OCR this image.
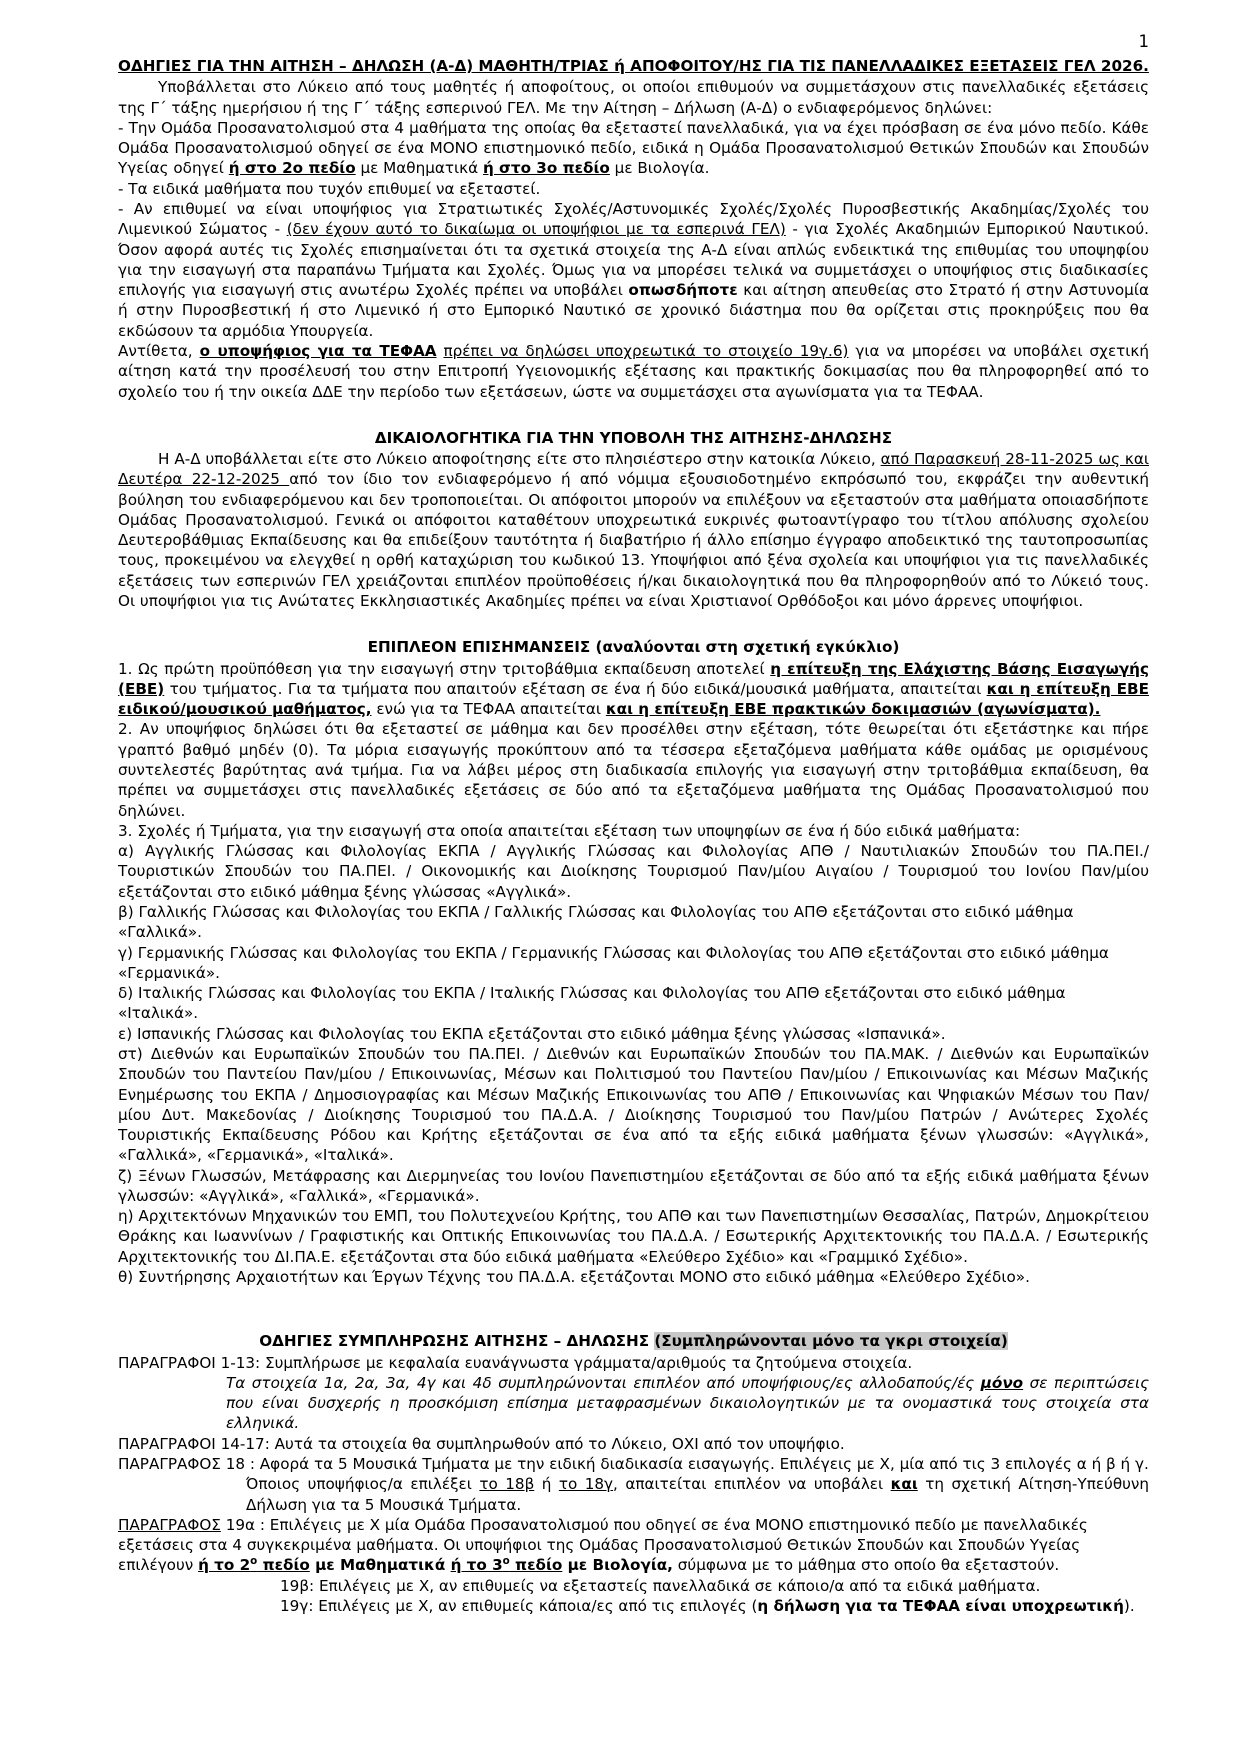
1
ΟΔΗΓΙΕΣ ΓΙΑ ΤΗΝ ΑΙΤΗΣΗ – ΔΗΛΩΣΗ (Α-Δ) ΜΑΘΗΤΗ/ΤΡΙΑΣ ή ΑΠΟΦΟΙΤΟΥ/ΗΣ ΓΙΑ ΤΙΣ ΠΑΝΕΛΛΑΔΙΚΕΣ ΕΞΕΤΑΣΕΙΣ ΓΕΛ 2026.

Υποβάλλεται στο Λύκειο από τους μαθητές ή αποφοίτους, οι οποίοι επιθυμούν να συμμετάσχουν στις πανελλαδικές εξετάσεις της Γ΄ τάξης ημερήσιου ή της Γ΄ τάξης εσπερινού ΓΕΛ. Με την Αίτηση – Δήλωση (Α-Δ) ο ενδιαφερόμενος δηλώνει:

- Την Ομάδα Προσανατολισμού στα 4 μαθήματα της οποίας θα εξεταστεί πανελλαδικά, για να έχει πρόσβαση σε ένα μόνο πεδίο. Κάθε Ομάδα Προσανατολισμού οδηγεί σε ένα ΜΟΝΟ επιστημονικό πεδίο, ειδικά η Ομάδα Προσανατολισμού Θετικών Σπουδών και Σπουδών Υγείας οδηγεί ή στο 2ο πεδίο με Μαθηματικά ή στο 3ο πεδίο με Βιολογία.

- Τα ειδικά μαθήματα που τυχόν επιθυμεί να εξεταστεί.

- Αν επιθυμεί να είναι υποψήφιος για Στρατιωτικές Σχολές/Αστυνομικές Σχολές/Σχολές Πυροσβεστικής Ακαδημίας/Σχολές του Λιμενικού Σώματος - (δεν έχουν αυτό το δικαίωμα οι υποψήφιοι με τα εσπερινά ΓΕΛ) - για Σχολές Ακαδημιών Εμπορικού Ναυτικού. Όσον αφορά αυτές τις Σχολές επισημαίνεται ότι τα σχετικά στοιχεία της Α-Δ είναι απλώς ενδεικτικά της επιθυμίας του υποψηφίου για την εισαγωγή στα παραπάνω Τμήματα και Σχολές. Όμως για να μπορέσει τελικά να συμμετάσχει ο υποψήφιος στις διαδικασίες επιλογής για εισαγωγή στις ανωτέρω Σχολές πρέπει να υποβάλει οπωσδήποτε και αίτηση απευθείας στο Στρατό ή στην Αστυνομία ή στην Πυροσβεστική ή στο Λιμενικό ή στο Εμπορικό Ναυτικό σε χρονικό διάστημα που θα ορίζεται στις προκηρύξεις που θα εκδώσουν τα αρμόδια Υπουργεία.

Αντίθετα, ο υποψήφιος για τα ΤΕΦΑΑ πρέπει να δηλώσει υποχρεωτικά το στοιχείο 19γ.6) για να μπορέσει να υποβάλει σχετική αίτηση κατά την προσέλευσή του στην Επιτροπή Υγειονομικής εξέτασης και πρακτικής δοκιμασίας που θα πληροφορηθεί από το σχολείο του ή την οικεία ΔΔΕ την περίοδο των εξετάσεων, ώστε να συμμετάσχει στα αγωνίσματα για τα ΤΕΦΑΑ.

ΔΙΚΑΙΟΛΟΓΗΤΙΚΑ ΓΙΑ ΤΗΝ ΥΠΟΒΟΛΗ ΤΗΣ ΑΙΤΗΣΗΣ-ΔΗΛΩΣΗΣ

Η Α-Δ υποβάλλεται είτε στο Λύκειο αποφοίτησης είτε στο πλησιέστερο στην κατοικία Λύκειο, από Παρασκευή 28-11-2025 ως και Δευτέρα 22-12-2025 από τον ίδιο τον ενδιαφερόμενο ή από νόμιμα εξουσιοδοτημένο εκπρόσωπό του, εκφράζει την αυθεντική βούληση του ενδιαφερόμενου και δεν τροποποιείται. Οι απόφοιτοι μπορούν να επιλέξουν να εξεταστούν στα μαθήματα οποιασδήποτε Ομάδας Προσανατολισμού. Γενικά οι απόφοιτοι καταθέτουν υποχρεωτικά ευκρινές φωτοαντίγραφο του τίτλου απόλυσης σχολείου Δευτεροβάθμιας Εκπαίδευσης και θα επιδείξουν ταυτότητα ή διαβατήριο ή άλλο επίσημο έγγραφο αποδεικτικό της ταυτοπροσωπίας τους, προκειμένου να ελεγχθεί η ορθή καταχώριση του κωδικού 13. Υποψήφιοι από ξένα σχολεία και υποψήφιοι για τις πανελλαδικές εξετάσεις των εσπερινών ΓΕΛ χρειάζονται επιπλέον προϋποθέσεις ή/και δικαιολογητικά που θα πληροφορηθούν από το Λύκειό τους. Οι υποψήφιοι για τις Ανώτατες Εκκλησιαστικές Ακαδημίες πρέπει να είναι Χριστιανοί Ορθόδοξοι και μόνο άρρενες υποψήφιοι.

ΕΠΙΠΛΕΟΝ ΕΠΙΣΗΜΑΝΣΕΙΣ (αναλύονται στη σχετική εγκύκλιο)

1. Ως πρώτη προϋπόθεση για την εισαγωγή στην τριτοβάθμια εκπαίδευση αποτελεί η επίτευξη της Ελάχιστης Βάσης Εισαγωγής (ΕΒΕ) του τμήματος. Για τα τμήματα που απαιτούν εξέταση σε ένα ή δύο ειδικά/μουσικά μαθήματα, απαιτείται και η επίτευξη ΕΒΕ ειδικού/μουσικού μαθήματος, ενώ για τα ΤΕΦΑΑ απαιτείται και η επίτευξη ΕΒΕ πρακτικών δοκιμασιών (αγωνίσματα).

2. Αν υποψήφιος δηλώσει ότι θα εξεταστεί σε μάθημα και δεν προσέλθει στην εξέταση, τότε θεωρείται ότι εξετάστηκε και πήρε γραπτό βαθμό μηδέν (0). Τα μόρια εισαγωγής προκύπτουν από τα τέσσερα εξεταζόμενα μαθήματα κάθε ομάδας με ορισμένους συντελεστές βαρύτητας ανά τμήμα. Για να λάβει μέρος στη διαδικασία επιλογής για εισαγωγή στην τριτοβάθμια εκπαίδευση, θα πρέπει να συμμετάσχει στις πανελλαδικές εξετάσεις σε δύο από τα εξεταζόμενα μαθήματα της Ομάδας Προσανατολισμού που δηλώνει.

3. Σχολές ή Τμήματα, για την εισαγωγή στα οποία απαιτείται εξέταση των υποψηφίων σε ένα ή δύο ειδικά μαθήματα:

α) Αγγλικής Γλώσσας και Φιλολογίας ΕΚΠΑ / Αγγλικής Γλώσσας και Φιλολογίας ΑΠΘ / Ναυτιλιακών Σπουδών του ΠΑ.ΠΕΙ./ Τουριστικών Σπουδών του ΠΑ.ΠΕΙ. / Οικονομικής και Διοίκησης Τουρισμού Παν/μίου Αιγαίου / Τουρισμού του Ιονίου Παν/μίου εξετάζονται στο ειδικό μάθημα ξένης γλώσσας «Αγγλικά».

β) Γαλλικής Γλώσσας και Φιλολογίας του ΕΚΠΑ / Γαλλικής Γλώσσας και Φιλολογίας του ΑΠΘ εξετάζονται στο ειδικό μάθημα «Γαλλικά».

γ) Γερμανικής Γλώσσας και Φιλολογίας του ΕΚΠΑ / Γερμανικής Γλώσσας και Φιλολογίας του ΑΠΘ εξετάζονται στο ειδικό μάθημα «Γερμανικά».

δ) Ιταλικής Γλώσσας και Φιλολογίας του ΕΚΠΑ / Ιταλικής Γλώσσας και Φιλολογίας του ΑΠΘ εξετάζονται στο ειδικό μάθημα «Ιταλικά».

ε) Ισπανικής Γλώσσας και Φιλολογίας του ΕΚΠΑ εξετάζονται στο ειδικό μάθημα ξένης γλώσσας «Ισπανικά».

στ) Διεθνών και Ευρωπαϊκών Σπουδών του ΠΑ.ΠΕΙ. / Διεθνών και Ευρωπαϊκών Σπουδών του ΠΑ.ΜΑΚ. / Διεθνών και Ευρωπαϊκών Σπουδών του Παντείου Παν/μίου / Επικοινωνίας, Μέσων και Πολιτισμού του Παντείου Παν/μίου / Επικοινωνίας και Μέσων Μαζικής Ενημέρωσης του ΕΚΠΑ / Δημοσιογραφίας και Μέσων Μαζικής Επικοινωνίας του ΑΠΘ / Επικοινωνίας και Ψηφιακών Μέσων του Παν/μίου Δυτ. Μακεδονίας / Διοίκησης Τουρισμού του ΠΑ.Δ.Α. / Διοίκησης Τουρισμού του Παν/μίου Πατρών / Ανώτερες Σχολές Τουριστικής Εκπαίδευσης Ρόδου και Κρήτης εξετάζονται σε ένα από τα εξής ειδικά μαθήματα ξένων γλωσσών: «Αγγλικά», «Γαλλικά», «Γερμανικά», «Ιταλικά».

ζ) Ξένων Γλωσσών, Μετάφρασης και Διερμηνείας του Ιονίου Πανεπιστημίου εξετάζονται σε δύο από τα εξής ειδικά μαθήματα ξένων γλωσσών: «Αγγλικά», «Γαλλικά», «Γερμανικά».

η) Αρχιτεκτόνων Μηχανικών του ΕΜΠ, του Πολυτεχνείου Κρήτης, του ΑΠΘ και των Πανεπιστημίων Θεσσαλίας, Πατρών, Δημοκρίτειου Θράκης και Ιωαννίνων / Γραφιστικής και Οπτικής Επικοινωνίας του ΠΑ.Δ.Α. / Εσωτερικής Αρχιτεκτονικής του ΠΑ.Δ.Α. / Εσωτερικής Αρχιτεκτονικής του ΔΙ.ΠΑ.Ε. εξετάζονται στα δύο ειδικά μαθήματα «Ελεύθερο Σχέδιο» και «Γραμμικό Σχέδιο».

θ) Συντήρησης Αρχαιοτήτων και Έργων Τέχνης του ΠΑ.Δ.Α. εξετάζονται ΜΟΝΟ στο ειδικό μάθημα «Ελεύθερο Σχέδιο».

ΟΔΗΓΙΕΣ ΣΥΜΠΛΗΡΩΣΗΣ ΑΙΤΗΣΗΣ – ΔΗΛΩΣΗΣ (Συμπληρώνονται μόνο τα γκρι στοιχεία)

ΠΑΡΑΓΡΑΦΟΙ 1-13: Συμπλήρωσε με κεφαλαία ευανάγνωστα γράμματα/αριθμούς τα ζητούμενα στοιχεία.

Τα στοιχεία 1α, 2α, 3α, 4γ και 4δ συμπληρώνονται επιπλέον από υποψήφιους/ες αλλοδαπούς/ές μόνο σε περιπτώσεις που είναι δυσχερής η προσκόμιση επίσημα μεταφρασμένων δικαιολογητικών με τα ονομαστικά τους στοιχεία στα ελληνικά.

ΠΑΡΑΓΡΑΦΟΙ 14-17: Αυτά τα στοιχεία θα συμπληρωθούν από το Λύκειο, ΟΧΙ από τον υποψήφιο.

ΠΑΡΑΓΡΑΦΟΣ 18 : Αφορά τα 5 Μουσικά Τμήματα με την ειδική διαδικασία εισαγωγής. Επιλέγεις με Χ, μία από τις 3 επιλογές α ή β ή γ.

Όποιος υποψήφιος/α επιλέξει το 18β ή το 18γ, απαιτείται επιπλέον να υποβάλει και τη σχετική Αίτηση-Υπεύθυνη Δήλωση για τα 5 Μουσικά Τμήματα.

ΠΑΡΑΓΡΑΦΟΣ 19α : Επιλέγεις με Χ μία Ομάδα Προσανατολισμού που οδηγεί σε ένα ΜΟΝΟ επιστημονικό πεδίο με πανελλαδικές εξετάσεις στα 4 συγκεκριμένα μαθήματα. Οι υποψήφιοι της Ομάδας Προσανατολισμού Θετικών Σπουδών και Σπουδών Υγείας επιλέγουν ή το $2^o$ πεδίο με Μαθηματικά ή το $3^o$ πεδίο με Βιολογία, σύμφωνα με το μάθημα στο οποίο θα εξεταστούν.

19β: Επιλέγεις με Χ, αν επιθυμείς να εξεταστείς πανελλαδικά σε κάποιο/α από τα ειδικά μαθήματα.

19γ: Επιλέγεις με Χ, αν επιθυμείς κάποια/ες από τις επιλογές (η δήλωση για τα ΤΕΦΑΑ είναι υποχρεωτική).
